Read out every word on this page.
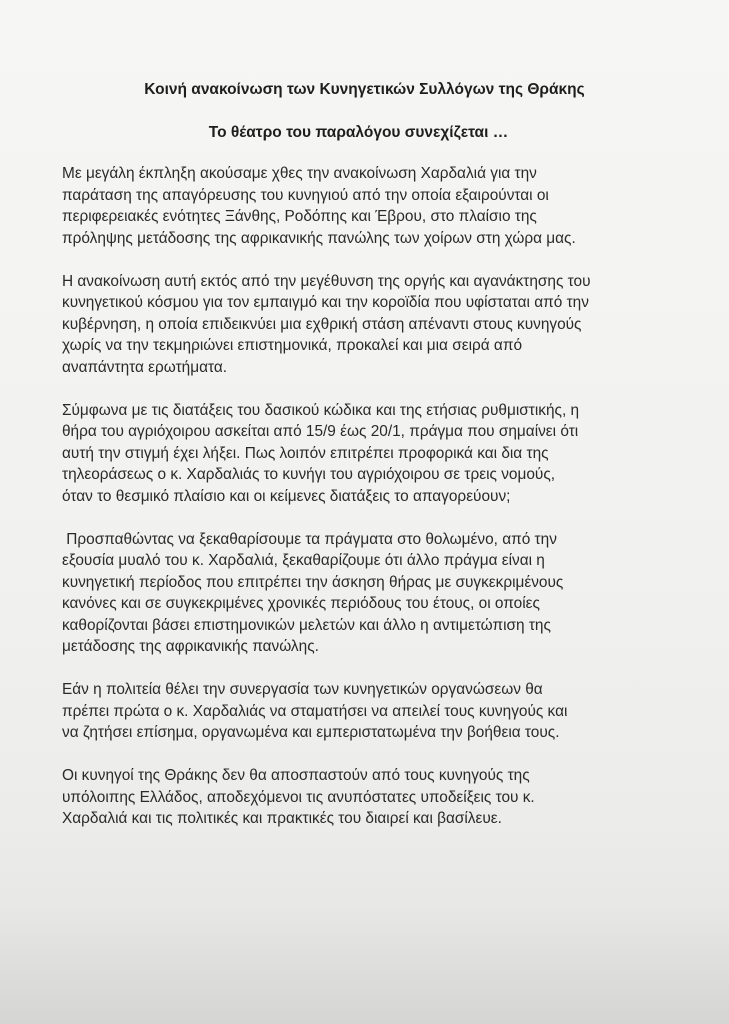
Κοινή ανακοίνωση των Κυνηγετικών Συλλόγων της Θράκης
Το θέατρο του παραλόγου συνεχίζεται …

Με μεγάλη έκπληξη ακούσαμε χθες την ανακοίνωση Χαρδαλιά για την
παράταση της απαγόρευσης του κυνηγιού από την οποία εξαιρούνται οι
περιφερειακές ενότητες Ξάνθης, Ροδόπης και Έβρου, στο πλαίσιο της
πρόληψης μετάδοσης της αφρικανικής πανώλης των χοίρων στη χώρα μας.

Η ανακοίνωση αυτή εκτός από την μεγέθυνση της οργής και αγανάκτησης του
κυνηγετικού κόσμου για τον εμπαιγμό και την κοροϊδία που υφίσταται από την
κυβέρνηση, η οποία επιδεικνύει μια εχθρική στάση απέναντι στους κυνηγούς
χωρίς να την τεκμηριώνει επιστημονικά, προκαλεί και μια σειρά από
αναπάντητα ερωτήματα.

Σύμφωνα με τις διατάξεις του δασικού κώδικα και της ετήσιας ρυθμιστικής, η
θήρα του αγριόχοιρου ασκείται από 15/9 έως 20/1, πράγμα που σημαίνει ότι
αυτή την στιγμή έχει λήξει. Πως λοιπόν επιτρέπει προφορικά και δια της
τηλεοράσεως ο κ. Χαρδαλιάς το κυνήγι του αγριόχοιρου σε τρεις νομούς,
όταν το θεσμικό πλαίσιο και οι κείμενες διατάξεις το απαγορεύουν;

Προσπαθώντας να ξεκαθαρίσουμε τα πράγματα στο θολωμένο, από την
εξουσία μυαλό του κ. Χαρδαλιά, ξεκαθαρίζουμε ότι άλλο πράγμα είναι η
κυνηγετική περίοδος που επιτρέπει την άσκηση θήρας με συγκεκριμένους
κανόνες και σε συγκεκριμένες χρονικές περιόδους του έτους, οι οποίες
καθορίζονται βάσει επιστημονικών μελετών και άλλο η αντιμετώπιση της
μετάδοσης της αφρικανικής πανώλης.

Εάν η πολιτεία θέλει την συνεργασία των κυνηγετικών οργανώσεων θα
πρέπει πρώτα ο κ. Χαρδαλιάς να σταματήσει να απειλεί τους κυνηγούς και
να ζητήσει επίσημα, οργανωμένα και εμπεριστατωμένα την βοήθεια τους.

Οι κυνηγοί της Θράκης δεν θα αποσπαστούν από τους κυνηγούς της
υπόλοιπης Ελλάδος, αποδεχόμενοι τις ανυπόστατες υποδείξεις του κ.
Χαρδαλιά και τις πολιτικές και πρακτικές του διαιρεί και βασίλευε.
